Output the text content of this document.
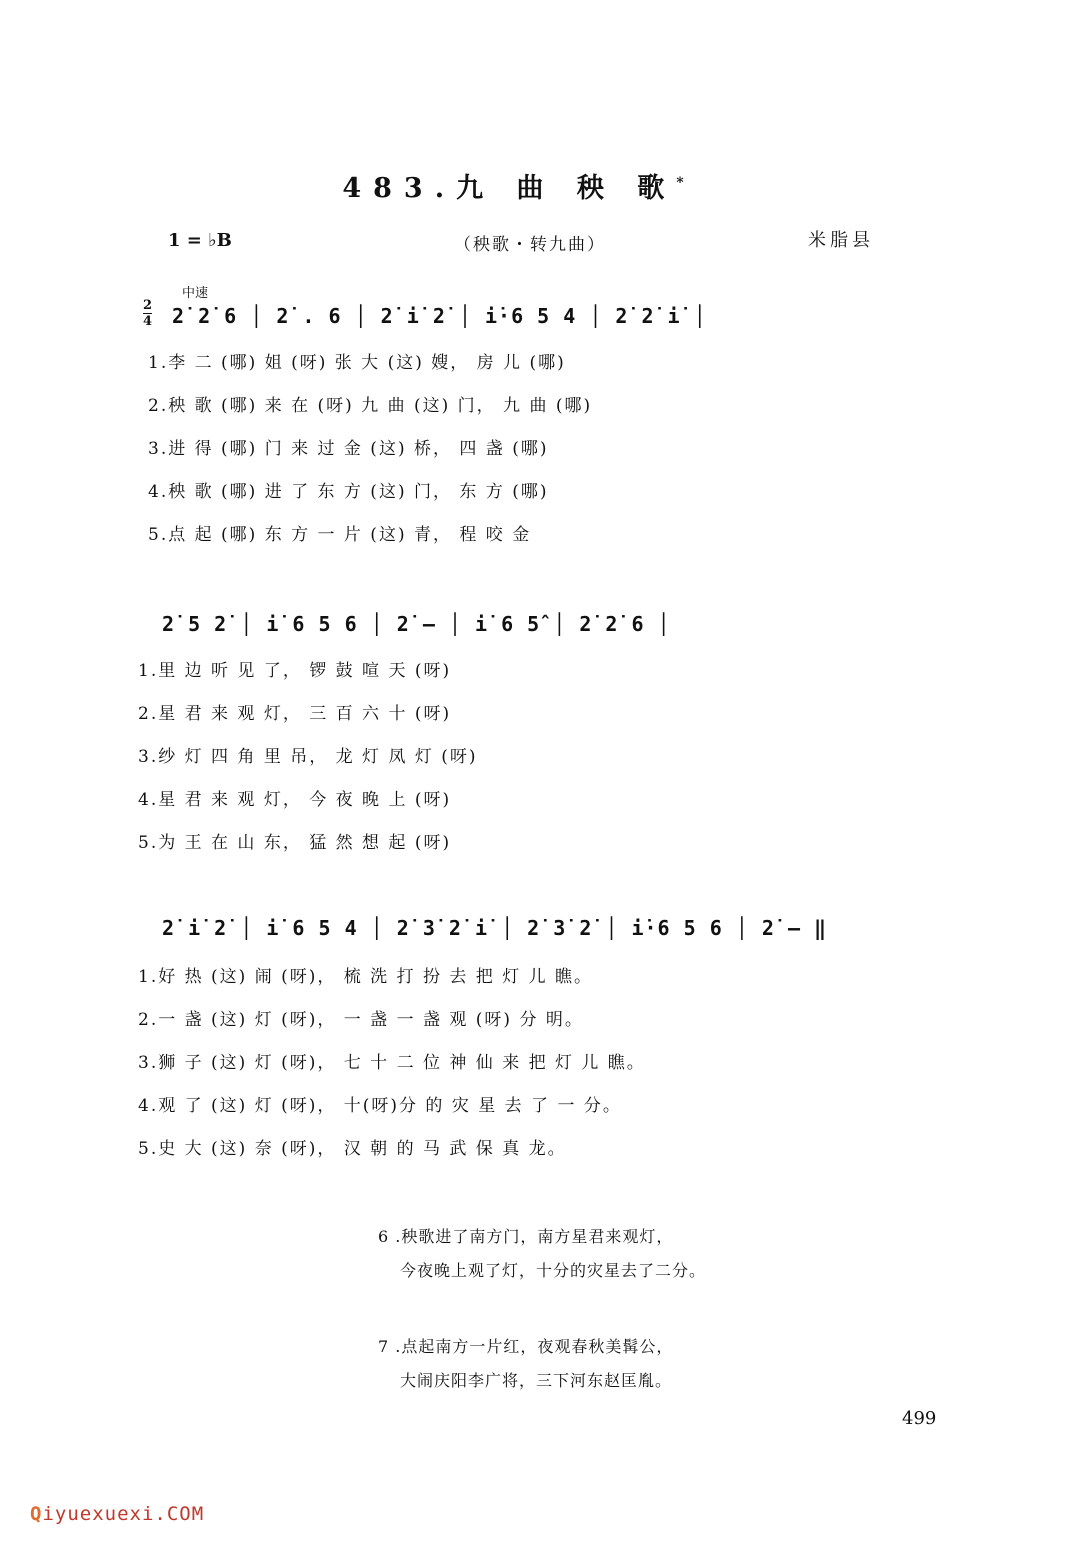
483.九 曲 秧 歌*
1 = ♭B	（秧歌・转九曲）	米脂县
中速
2
4 2̇ 2̇ 6 │ 2̇ . 6 │ 2̇ i̇ 2̇ │ i̇·6 5 4 │ 2̇ 2̇ i̇ │
1.李 二 (哪) 姐 (呀) 张 大 (这) 嫂， 房 儿 (哪)
2.秧 歌 (哪) 来 在 (呀) 九 曲 (这) 门， 九 曲 (哪)
3.进 得 (哪) 门 来 过 金 (这) 桥， 四 盏 (哪)
4.秧 歌 (哪) 进 了 东 方 (这) 门， 东 方 (哪)
5.点 起 (哪) 东 方 一 片 (这) 青， 程 咬 金
2̇ 5 2̇ │ i̇ 6 5 6 │ 2̇ – │ i̇ 6 5̂ │ 2̇ 2̇ 6 │
1.里 边 听 见 了， 锣 鼓 喧 天 (呀)
2.星 君 来 观 灯， 三 百 六 十 (呀)
3.纱 灯 四 角 里 吊， 龙 灯 凤 灯 (呀)
4.星 君 来 观 灯， 今 夜 晚 上 (呀)
5.为 王 在 山 东， 猛 然 想 起 (呀)
2̇ i̇ 2̇ │ i̇ 6 5 4 │ 2̇ 3̇ 2̇ i̇ │ 2̇ 3̇ 2̇ │ i̇·6 5 6 │ 2̇ – ‖
1.好 热 (这) 闹 (呀)， 梳 洗 打 扮 去 把 灯 儿 瞧。
2.一 盏 (这) 灯 (呀)， 一 盏 一 盏 观 (呀) 分 明。
3.狮 子 (这) 灯 (呀)， 七 十 二 位 神 仙 来 把 灯 儿 瞧。
4.观 了 (这) 灯 (呀)， 十(呀)分 的 灾 星 去 了 一 分。
5.史 大 (这) 奈 (呀)， 汉 朝 的 马 武 保 真 龙。
6 .秧歌进了南方门，南方星君来观灯，
今夜晚上观了灯，十分的灾星去了二分。
7 .点起南方一片红，夜观春秋美髯公，
大闹庆阳李广将，三下河东赵匡胤。
499
Qiyuexuexi.COM
